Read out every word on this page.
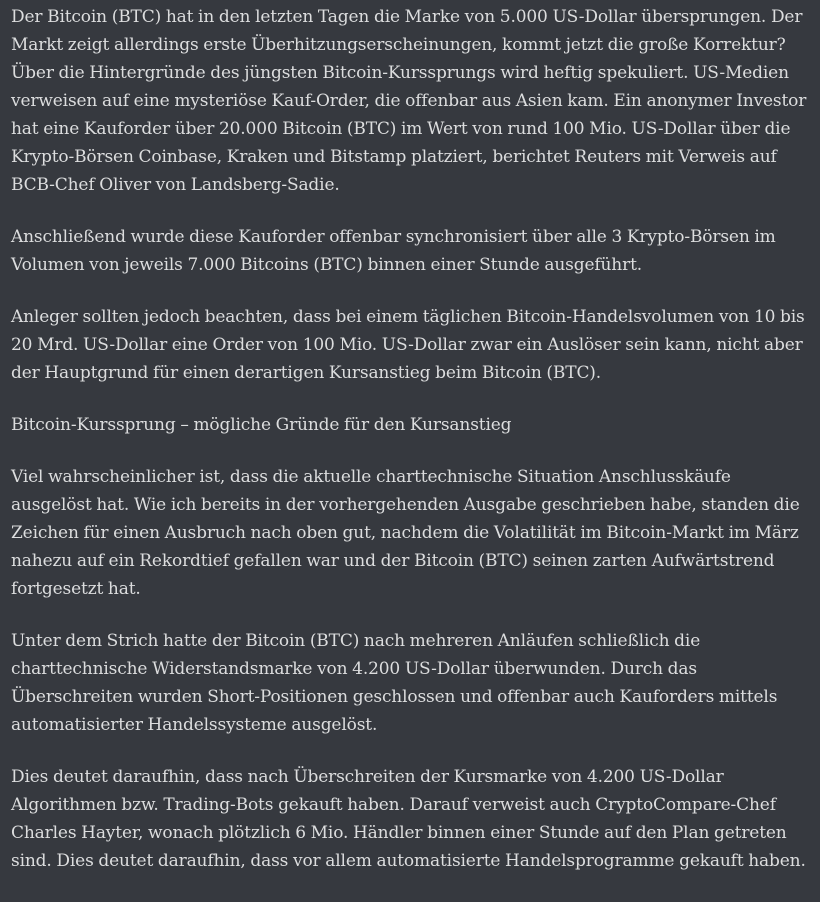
Der Bitcoin (BTC) hat in den letzten Tagen die Marke von 5.000 US-Dollar übersprungen. Der Markt zeigt allerdings erste Überhitzungserscheinungen, kommt jetzt die große Korrektur? Über die Hintergründe des jüngsten Bitcoin-Kurssprungs wird heftig spekuliert. US-Medien verweisen auf eine mysteriöse Kauf-Order, die offenbar aus Asien kam. Ein anonymer Investor hat eine Kauforder über 20.000 Bitcoin (BTC) im Wert von rund 100 Mio. US-Dollar über die Krypto-Börsen Coinbase, Kraken und Bitstamp platziert, berichtet Reuters mit Verweis auf BCB-Chef Oliver von Landsberg-Sadie.

Anschließend wurde diese Kauforder offenbar synchronisiert über alle 3 Krypto-Börsen im Volumen von jeweils 7.000 Bitcoins (BTC) binnen einer Stunde ausgeführt.

Anleger sollten jedoch beachten, dass bei einem täglichen Bitcoin-Handelsvolumen von 10 bis 20 Mrd. US-Dollar eine Order von 100 Mio. US-Dollar zwar ein Auslöser sein kann, nicht aber der Hauptgrund für einen derartigen Kursanstieg beim Bitcoin (BTC).

Bitcoin-Kurssprung – mögliche Gründe für den Kursanstieg

Viel wahrscheinlicher ist, dass die aktuelle charttechnische Situation Anschlusskäufe ausgelöst hat. Wie ich bereits in der vorhergehenden Ausgabe geschrieben habe, standen die Zeichen für einen Ausbruch nach oben gut, nachdem die Volatilität im Bitcoin-Markt im März nahezu auf ein Rekordtief gefallen war und der Bitcoin (BTC) seinen zarten Aufwärtstrend fortgesetzt hat.

Unter dem Strich hatte der Bitcoin (BTC) nach mehreren Anläufen schließlich die charttechnische Widerstandsmarke von 4.200 US-Dollar überwunden. Durch das Überschreiten wurden Short-Positionen geschlossen und offenbar auch Kauforders mittels automatisierter Handelssysteme ausgelöst.

Dies deutet daraufhin, dass nach Überschreiten der Kursmarke von 4.200 US-Dollar Algorithmen bzw. Trading-Bots gekauft haben. Darauf verweist auch CryptoCompare-Chef Charles Hayter, wonach plötzlich 6 Mio. Händler binnen einer Stunde auf den Plan getreten sind. Dies deutet daraufhin, dass vor allem automatisierte Handelsprogramme gekauft haben.
